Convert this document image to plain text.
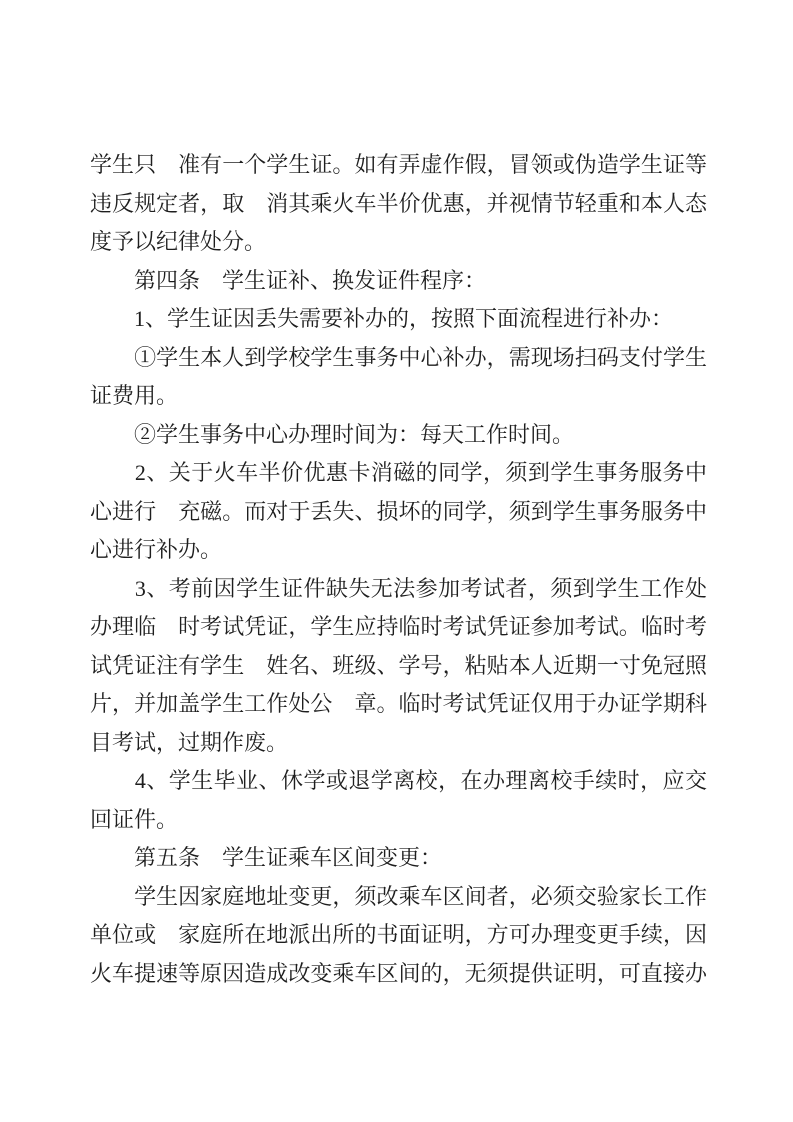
学生只　准有一个学生证。如有弄虚作假，冒领或伪造学生证等
违反规定者，取　消其乘火车半价优惠，并视情节轻重和本人态
度予以纪律处分。
　　第四条　学生证补、换发证件程序：
　　1、学生证因丢失需要补办的，按照下面流程进行补办：
　　①学生本人到学校学生事务中心补办，需现场扫码支付学生
证费用。
　　②学生事务中心办理时间为：每天工作时间。
　　2、关于火车半价优惠卡消磁的同学，须到学生事务服务中
心进行　充磁。而对于丢失、损坏的同学，须到学生事务服务中
心进行补办。
　　3、考前因学生证件缺失无法参加考试者，须到学生工作处
办理临　时考试凭证，学生应持临时考试凭证参加考试。临时考
试凭证注有学生　姓名、班级、学号，粘贴本人近期一寸免冠照
片，并加盖学生工作处公　章。临时考试凭证仅用于办证学期科
目考试，过期作废。
　　4、学生毕业、休学或退学离校，在办理离校手续时，应交
回证件。
　　第五条　学生证乘车区间变更：
　　学生因家庭地址变更，须改乘车区间者，必须交验家长工作
单位或　家庭所在地派出所的书面证明，方可办理变更手续，因
火车提速等原因造成改变乘车区间的，无须提供证明，可直接办
